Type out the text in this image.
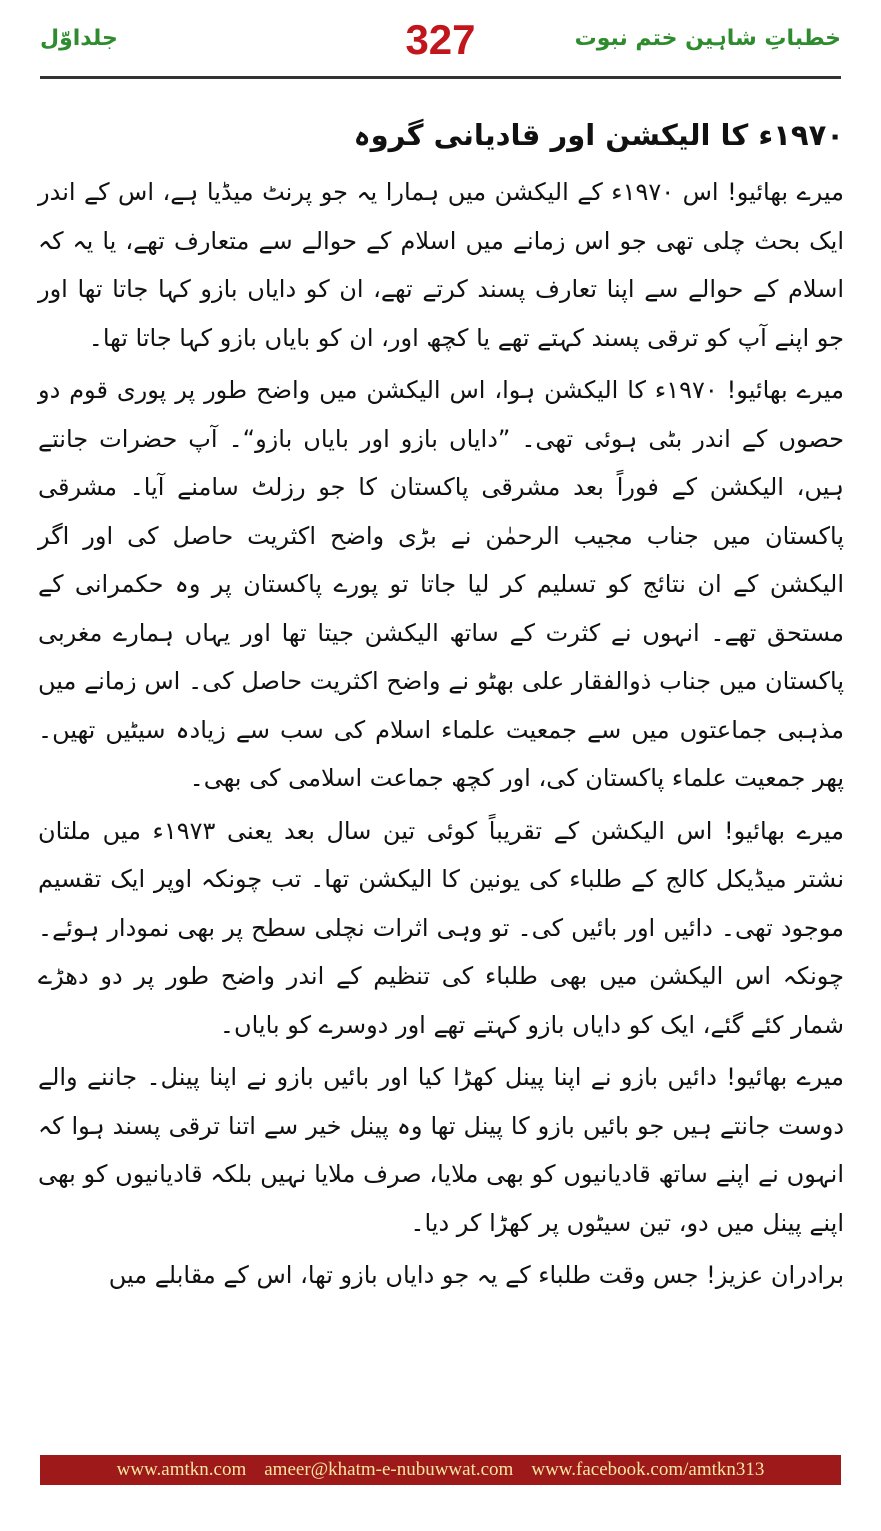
جلداوّل	327	خطباتِ شاہین ختم نبوت
۱۹۷۰ء کا الیکشن اور قادیانی گروہ

میرے بھائیو! اس ۱۹۷۰ء کے الیکشن میں ہمارا یہ جو پرنٹ میڈیا ہے، اس کے اندر ایک بحث چلی تھی جو اس زمانے میں اسلام کے حوالے سے متعارف تھے، یا یہ کہ اسلام کے حوالے سے اپنا تعارف پسند کرتے تھے، ان کو دایاں بازو کہا جاتا تھا اور جو اپنے آپ کو ترقی پسند کہتے تھے یا کچھ اور، ان کو بایاں بازو کہا جاتا تھا۔

میرے بھائیو! ۱۹۷۰ء کا الیکشن ہوا، اس الیکشن میں واضح طور پر پوری قوم دو حصوں کے اندر بٹی ہوئی تھی۔ ”دایاں بازو اور بایاں بازو“۔ آپ حضرات جانتے ہیں، الیکشن کے فوراً بعد مشرقی پاکستان کا جو رزلٹ سامنے آیا۔ مشرقی پاکستان میں جناب مجیب الرحمٰن نے بڑی واضح اکثریت حاصل کی اور اگر الیکشن کے ان نتائج کو تسلیم کر لیا جاتا تو پورے پاکستان پر وہ حکمرانی کے مستحق تھے۔ انہوں نے کثرت کے ساتھ الیکشن جیتا تھا اور یہاں ہمارے مغربی پاکستان میں جناب ذوالفقار علی بھٹو نے واضح اکثریت حاصل کی۔ اس زمانے میں مذہبی جماعتوں میں سے جمعیت علماء اسلام کی سب سے زیادہ سیٹیں تھیں۔ پھر جمعیت علماء پاکستان کی، اور کچھ جماعت اسلامی کی بھی۔

میرے بھائیو! اس الیکشن کے تقریباً کوئی تین سال بعد یعنی ۱۹۷۳ء میں ملتان نشتر میڈیکل کالج کے طلباء کی یونین کا الیکشن تھا۔ تب چونکہ اوپر ایک تقسیم موجود تھی۔ دائیں اور بائیں کی۔ تو وہی اثرات نچلی سطح پر بھی نمودار ہوئے۔ چونکہ اس الیکشن میں بھی طلباء کی تنظیم کے اندر واضح طور پر دو دھڑے شمار کئے گئے، ایک کو دایاں بازو کہتے تھے اور دوسرے کو بایاں۔

میرے بھائیو! دائیں بازو نے اپنا پینل کھڑا کیا اور بائیں بازو نے اپنا پینل۔ جاننے والے دوست جانتے ہیں جو بائیں بازو کا پینل تھا وہ پینل خیر سے اتنا ترقی پسند ہوا کہ انہوں نے اپنے ساتھ قادیانیوں کو بھی ملایا، صرف ملایا نہیں بلکہ قادیانیوں کو بھی اپنے پینل میں دو، تین سیٹوں پر کھڑا کر دیا۔

برادران عزیز! جس وقت طلباء کے یہ جو دایاں بازو تھا، اس کے مقابلے میں

www.amtkn.com ameer@khatm-e-nubuwwat.com www.facebook.com/amtkn313
